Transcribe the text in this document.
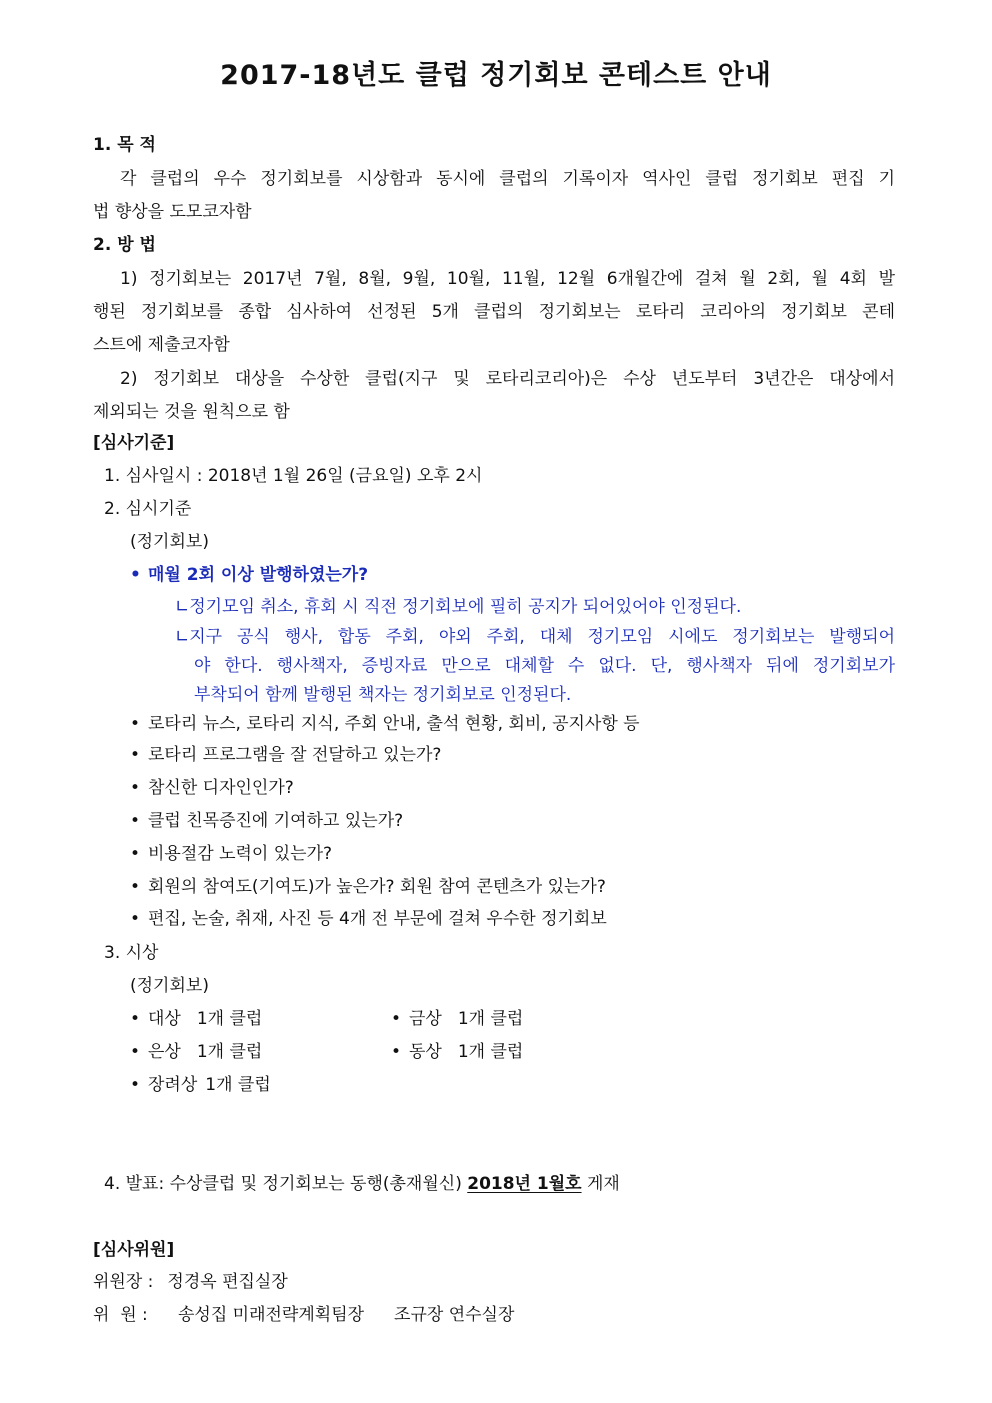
2017-18년도 클럽 정기회보 콘테스트 안내
1. 목 적
각 클럽의 우수 정기회보를 시상함과 동시에 클럽의 기록이자 역사인 클럽 정기회보 편집 기
법 향상을 도모코자함
2. 방 법
1) 정기회보는 2017년 7월, 8월, 9월, 10월, 11월, 12월 6개월간에 걸쳐 월 2회, 월 4회 발
행된 정기회보를 종합 심사하여 선정된 5개 클럽의 정기회보는 로타리 코리아의 정기회보 콘테
스트에 제출코자함
2) 정기회보 대상을 수상한 클럽(지구 및 로타리코리아)은 수상 년도부터 3년간은 대상에서
제외되는 것을 원칙으로 함
[심사기준]
1. 심사일시 : 2018년 1월 26일 (금요일) 오후 2시
2. 심시기준
(정기회보)
• 매월 2회 이상 발행하였는가?
∟정기모임 취소, 휴회 시 직전 정기회보에 필히 공지가 되어있어야 인정된다.
∟지구 공식 행사, 합동 주회, 야외 주회, 대체 정기모임 시에도 정기회보는 발행되어
야 한다. 행사책자, 증빙자료 만으로 대체할 수 없다. 단, 행사책자 뒤에 정기회보가
부착되어 함께 발행된 책자는 정기회보로 인정된다.
• 로타리 뉴스, 로타리 지식, 주회 안내, 출석 현황, 회비, 공지사항 등
• 로타리 프로그램을 잘 전달하고 있는가?
• 참신한 디자인인가?
• 클럽 친목증진에 기여하고 있는가?
• 비용절감 노력이 있는가?
• 회원의 참여도(기여도)가 높은가? 회원 참여 콘텐츠가 있는가?
• 편집, 논술, 취재, 사진 등 4개 전 부문에 걸쳐 우수한 정기회보
3. 시상
(정기회보)
• 대상 1개 클럽	• 금상 1개 클럽
• 은상 1개 클럽	• 동상 1개 클럽
• 장려상 1개 클럽
4. 발표: 수상클럽 및 정기회보는 동행(총재월신) 2018년 1월호 게재
[심사위원]
위원장 : 정경옥 편집실장
위  원 : 송성집 미래전략계획팀장 조규장 연수실장
